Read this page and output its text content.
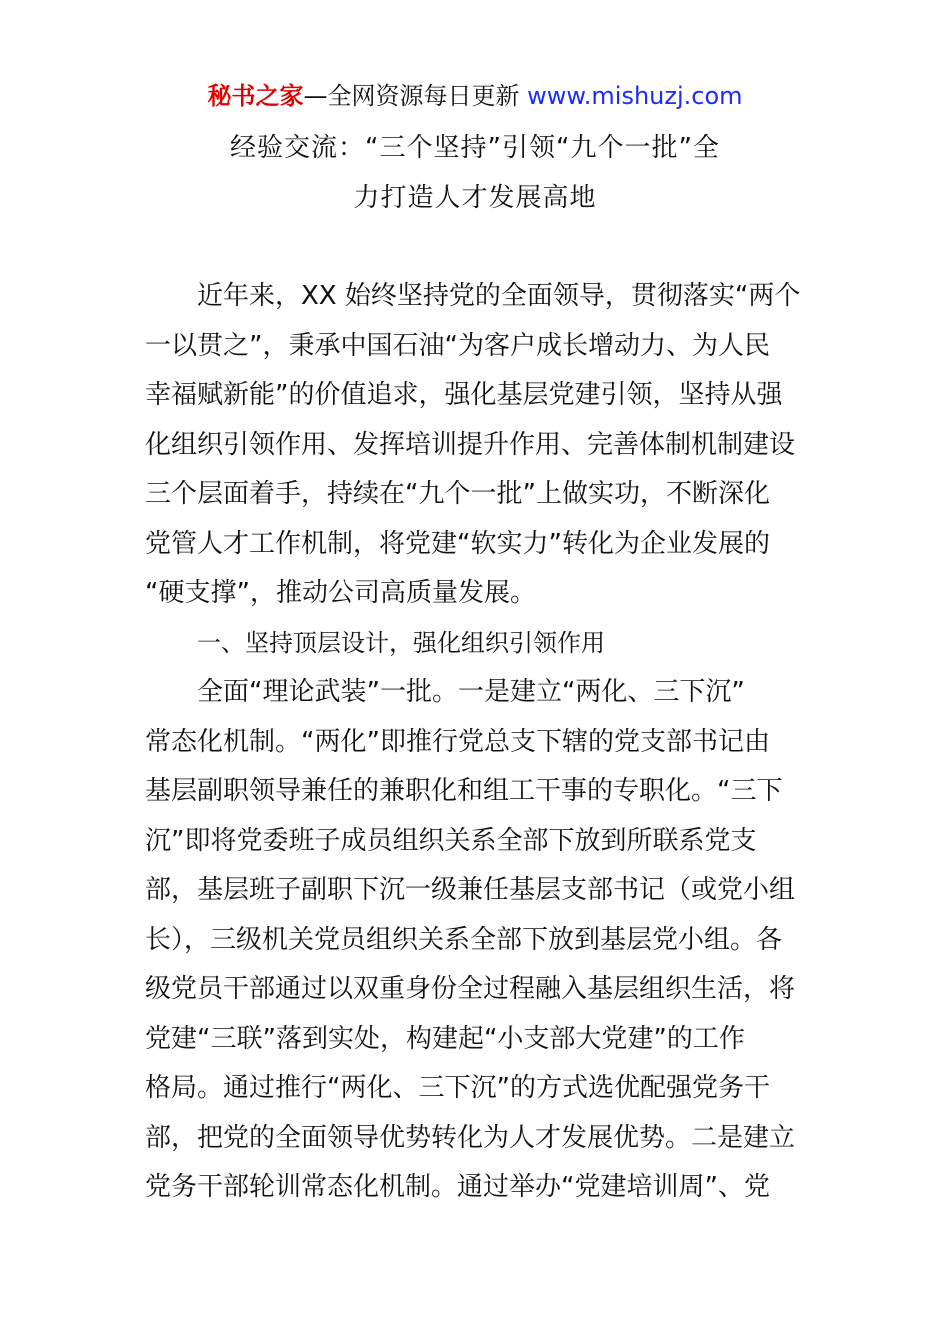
秘书之家—全网资源每日更新 www.mishuzj.com
经验交流：“三个坚持”引领“九个一批”全
力打造人才发展高地
近年来，XX 始终坚持党的全面领导，贯彻落实“两个
一以贯之”，秉承中国石油“为客户成长增动力、为人民
幸福赋新能”的价值追求，强化基层党建引领，坚持从强
化组织引领作用、发挥培训提升作用、完善体制机制建设
三个层面着手，持续在“九个一批”上做实功，不断深化
党管人才工作机制，将党建“软实力”转化为企业发展的
“硬支撑”，推动公司高质量发展。
一、坚持顶层设计，强化组织引领作用
全面“理论武装”一批。一是建立“两化、三下沉”
常态化机制。“两化”即推行党总支下辖的党支部书记由
基层副职领导兼任的兼职化和组工干事的专职化。“三下
沉”即将党委班子成员组织关系全部下放到所联系党支
部，基层班子副职下沉一级兼任基层支部书记（或党小组
长），三级机关党员组织关系全部下放到基层党小组。各
级党员干部通过以双重身份全过程融入基层组织生活，将
党建“三联”落到实处，构建起“小支部大党建”的工作
格局。通过推行“两化、三下沉”的方式选优配强党务干
部，把党的全面领导优势转化为人才发展优势。二是建立
党务干部轮训常态化机制。通过举办“党建培训周”、党
